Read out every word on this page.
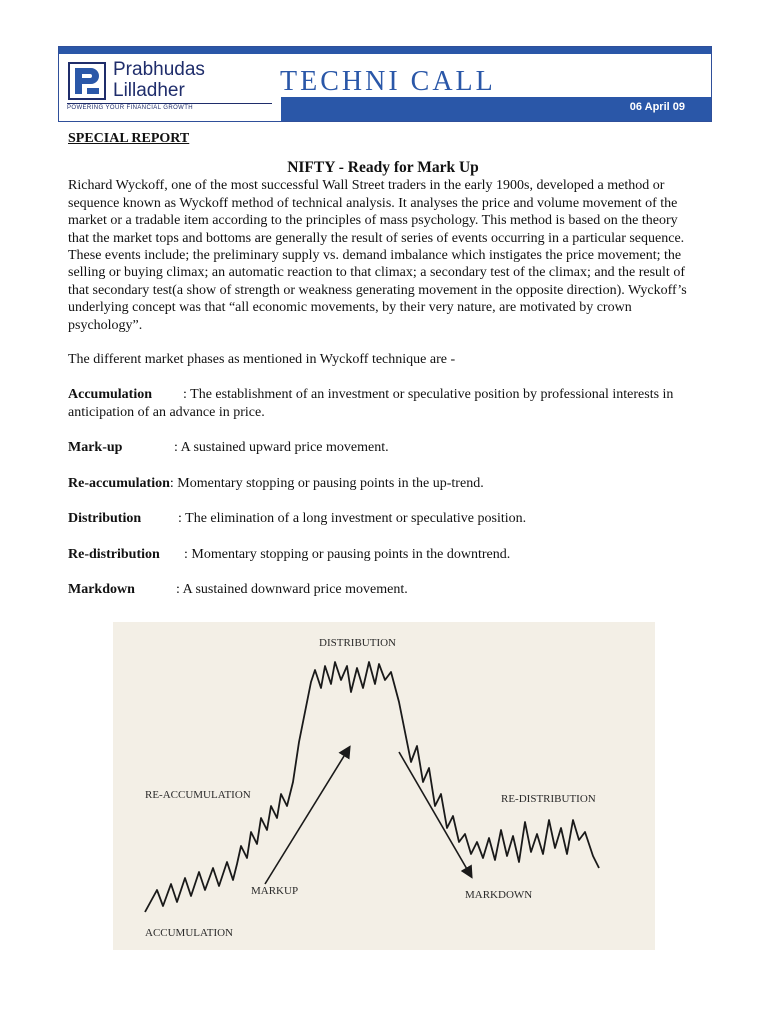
Prabhudas
Lilladher
POWERING YOUR FINANCIAL GROWTH
TECHNI CALL
06 April 09

SPECIAL REPORT

NIFTY - Ready for Mark Up

Richard Wyckoff, one of the most successful Wall Street traders in the early 1900s, developed a method or sequence known as Wyckoff method of technical analysis. It analyses the price and volume movement of the market or a tradable item according to the principles of mass psychology. This method is based on the theory that the market tops and bottoms are generally the result of series of events occurring in a particular sequence. These events include; the preliminary supply vs. demand imbalance which instigates the price movement; the selling or buying climax; an automatic reaction to that climax; a secondary test of the climax; and the result of that secondary test(a show of strength or weakness generating movement in the opposite direction). Wyckoff’s underlying concept was that “all economic movements, by their very nature, are motivated by crown psychology”.

The different market phases as mentioned in Wyckoff technique are -

Accumulation : The establishment of an investment or speculative position by professional interests in anticipation of an advance in price.

Mark-up	: A sustained upward price movement.

Re-accumulation : Momentary stopping or pausing points in the up-trend.

Distribution	: The elimination of a long investment or speculative position.

Re-distribution	: Momentary stopping or pausing points in the downtrend.

Markdown	: A sustained downward price movement.

DISTRIBUTION
RE-ACCUMULATION	RE-DISTRIBUTION
MARKUP	MARKDOWN
ACCUMULATION
